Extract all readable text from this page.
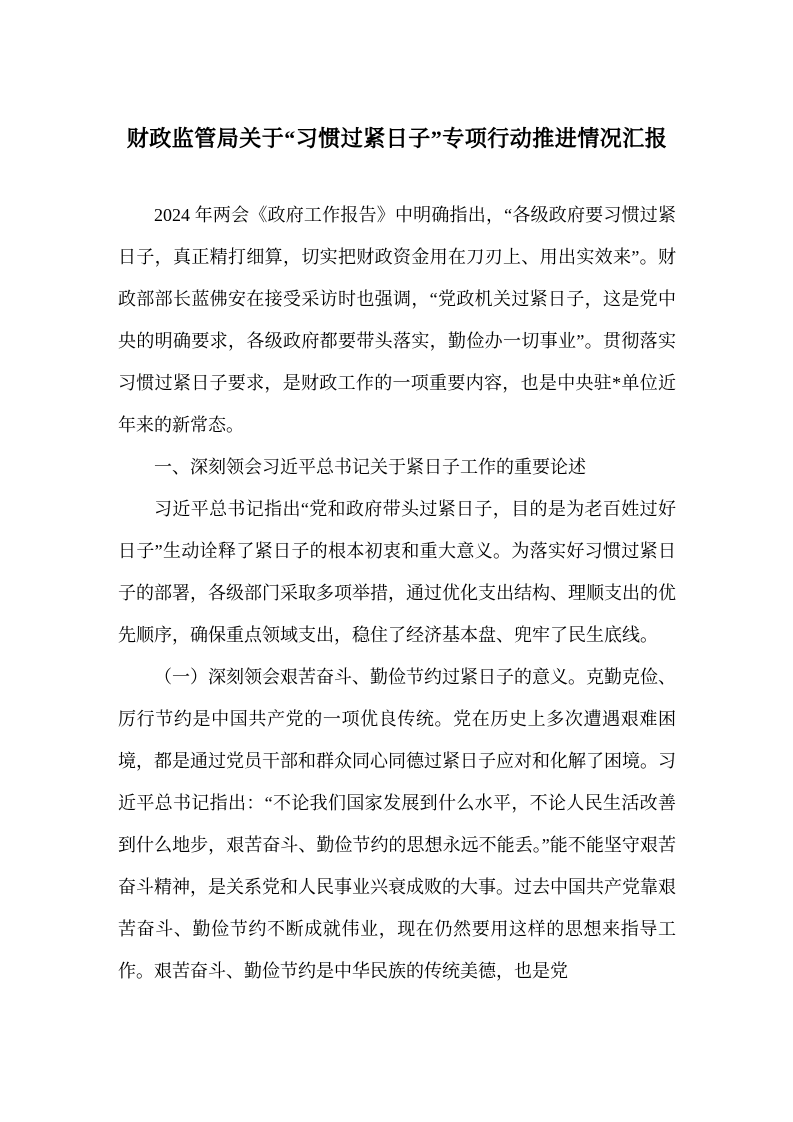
财政监管局关于“习惯过紧日子”专项行动推进情况汇报

2024 年两会《政府工作报告》中明确指出，“各级政府要习惯过紧日子，真正精打细算，切实把财政资金用在刀刃上、用出实效来”。财政部部长蓝佛安在接受采访时也强调，“党政机关过紧日子，这是党中央的明确要求，各级政府都要带头落实，勤俭办一切事业”。贯彻落实习惯过紧日子要求，是财政工作的一项重要内容，也是中央驻*单位近年来的新常态。

一、深刻领会习近平总书记关于紧日子工作的重要论述

习近平总书记指出“党和政府带头过紧日子，目的是为老百姓过好日子”生动诠释了紧日子的根本初衷和重大意义。为落实好习惯过紧日子的部署，各级部门采取多项举措，通过优化支出结构、理顺支出的优先顺序，确保重点领域支出，稳住了经济基本盘、兜牢了民生底线。

（一）深刻领会艰苦奋斗、勤俭节约过紧日子的意义。克勤克俭、厉行节约是中国共产党的一项优良传统。党在历史上多次遭遇艰难困境，都是通过党员干部和群众同心同德过紧日子应对和化解了困境。习近平总书记指出：“不论我们国家发展到什么水平，不论人民生活改善到什么地步，艰苦奋斗、勤俭节约的思想永远不能丢。”能不能坚守艰苦奋斗精神，是关系党和人民事业兴衰成败的大事。过去中国共产党靠艰苦奋斗、勤俭节约不断成就伟业，现在仍然要用这样的思想来指导工作。艰苦奋斗、勤俭节约是中华民族的传统美德，也是党
